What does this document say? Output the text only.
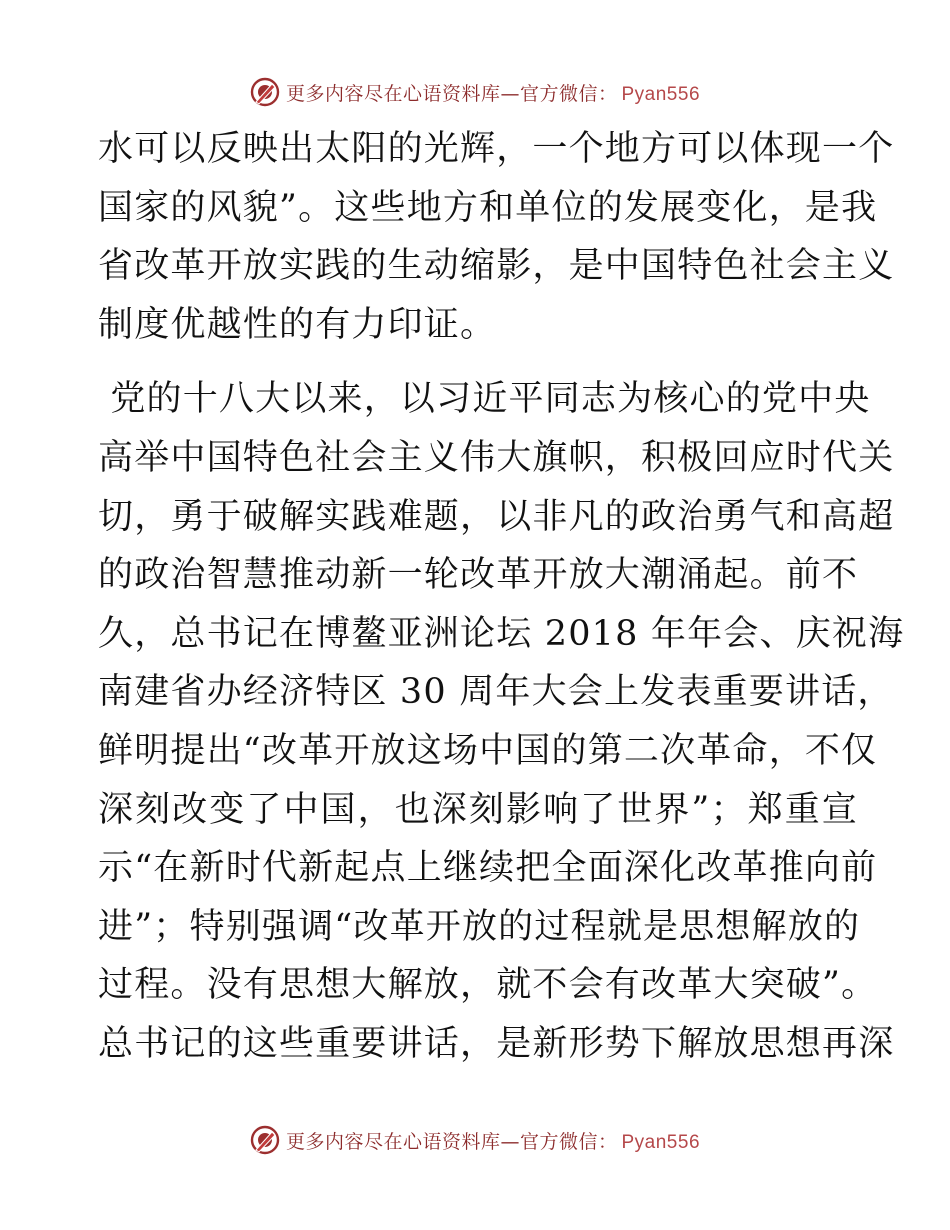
更多内容尽在心语资料库—官方微信： Pyan556

水可以反映出太阳的光辉，一个地方可以体现一个
国家的风貌”。这些地方和单位的发展变化，是我
省改革开放实践的生动缩影，是中国特色社会主义
制度优越性的有力印证。

党的十八大以来，以习近平同志为核心的党中央
高举中国特色社会主义伟大旗帜，积极回应时代关
切，勇于破解实践难题，以非凡的政治勇气和高超
的政治智慧推动新一轮改革开放大潮涌起。前不
久，总书记在博鳌亚洲论坛 2018 年年会、庆祝海
南建省办经济特区 30 周年大会上发表重要讲话，
鲜明提出“改革开放这场中国的第二次革命，不仅
深刻改变了中国，也深刻影响了世界”；郑重宣
示“在新时代新起点上继续把全面深化改革推向前
进”；特别强调“改革开放的过程就是思想解放的
过程。没有思想大解放，就不会有改革大突破”。
总书记的这些重要讲话，是新形势下解放思想再深

更多内容尽在心语资料库—官方微信： Pyan556
